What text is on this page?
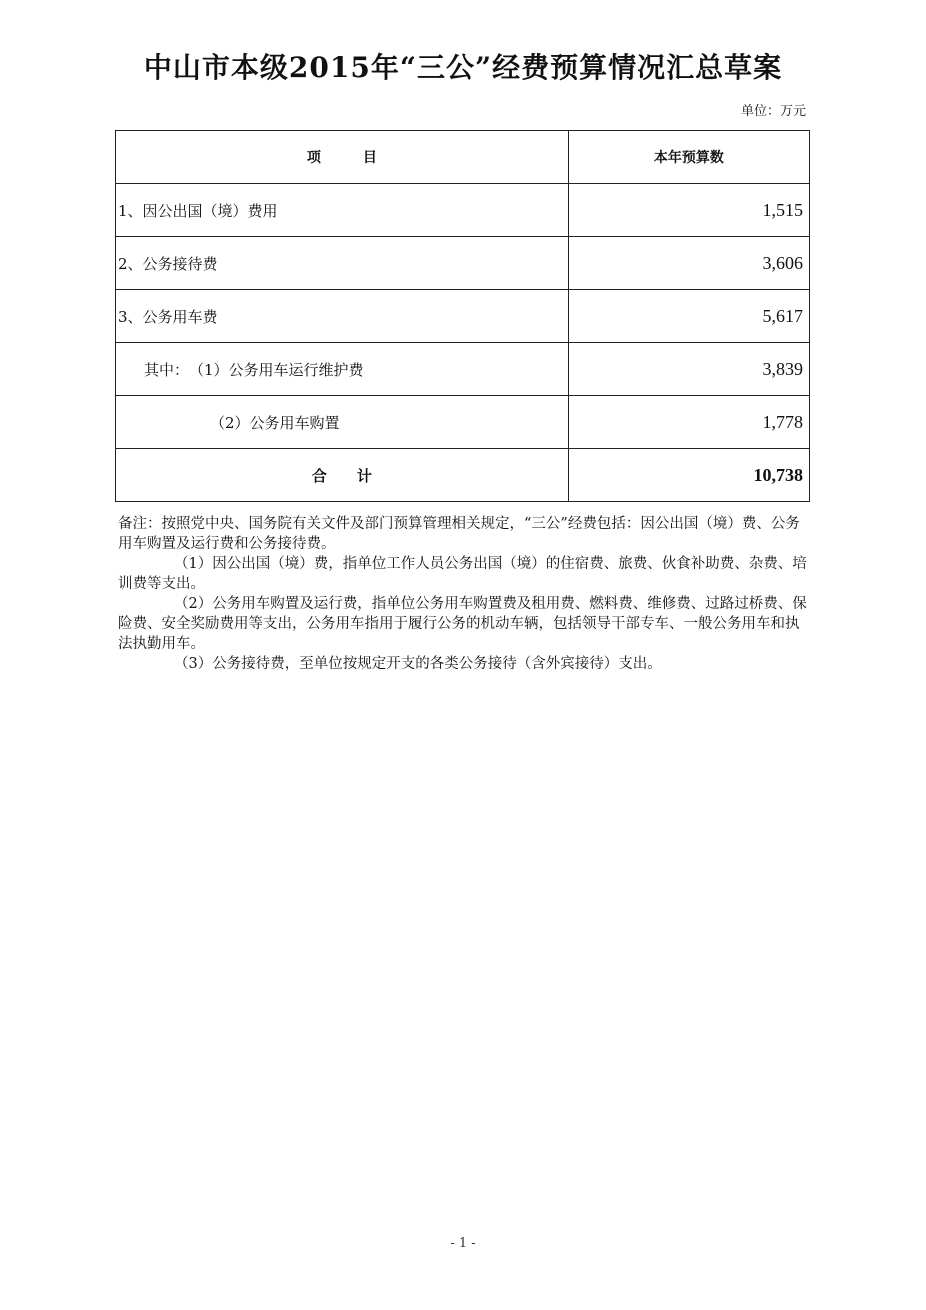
中山市本级2015年“三公”经费预算情况汇总草案
单位：万元
项　　　目	本年预算数
1、因公出国（境）费用	1,515
2、公务接待费	3,606
3、公务用车费	5,617
其中：　（1）公务用车运行维护费	3,839
（2）公务用车购置	1,778
合　　计	10,738

备注：按照党中央、国务院有关文件及部门预算管理相关规定，“三公”经费包括：因公出国（境）费、公务用车购置及运行费和公务接待费。

（1）因公出国（境）费，指单位工作人员公务出国（境）的住宿费、旅费、伙食补助费、杂费、培训费等支出。

（2）公务用车购置及运行费，指单位公务用车购置费及租用费、燃料费、维修费、过路过桥费、保险费、安全奖励费用等支出，公务用车指用于履行公务的机动车辆，包括领导干部专车、一般公务用车和执法执勤用车。

（3）公务接待费，至单位按规定开支的各类公务接待（含外宾接待）支出。

- 1 -
